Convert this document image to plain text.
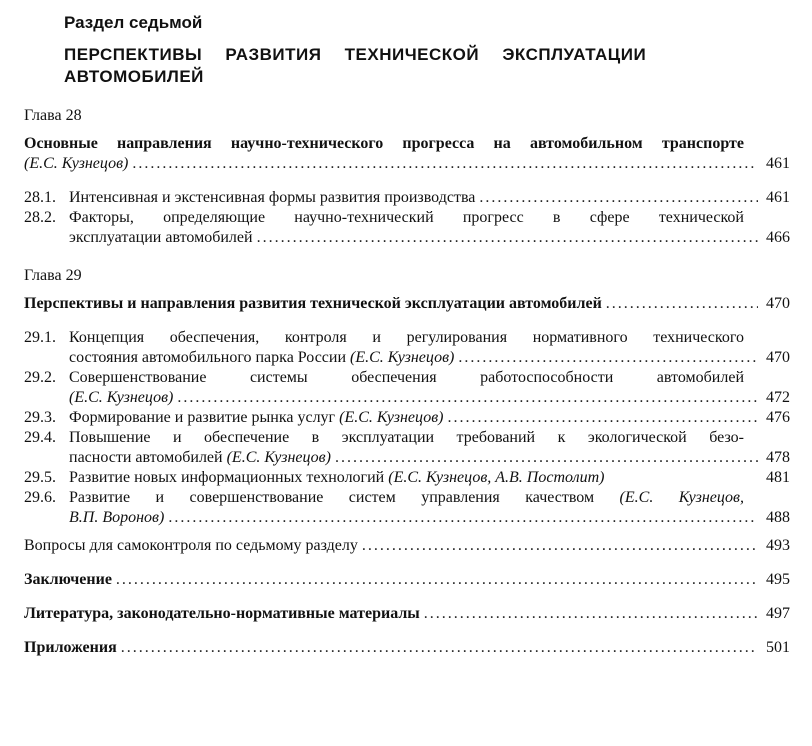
Раздел седьмой
ПЕРСПЕКТИВЫ РАЗВИТИЯ ТЕХНИЧЕСКОЙ ЭКСПЛУАТАЦИИ АВТОМОБИЛЕЙ
Глава 28
Основные направления научно-технического прогресса на автомобильном транспорте
(Е.С. Кузнецов) . . .	461
28.1. Интенсивная и экстенсивная формы развития производства . . .	461
28.2. Факторы, определяющие научно-технический прогресс в сфере технической
эксплуатации автомобилей . . .	466
Глава 29
Перспективы и направления развития технической эксплуатации автомобилей . . .	470
29.1. Концепция обеспечения, контроля и регулирования нормативного технического
состояния автомобильного парка России (Е.С. Кузнецов) . . .	470
29.2. Совершенствование системы обеспечения работоспособности автомобилей
(Е.С. Кузнецов) . . .	472
29.3. Формирование и развитие рынка услуг (Е.С. Кузнецов) . . .	476
29.4. Повышение и обеспечение в эксплуатации требований к экологической безо-
пасности автомобилей (Е.С. Кузнецов) . . .	478
29.5. Развитие новых информационных технологий (Е.С. Кузнецов, А.В. Постолит)	481
29.6. Развитие и совершенствование систем управления качеством (Е.С. Кузнецов,
В.П. Воронов) . . .	488
Вопросы для самоконтроля по седьмому разделу . . .	493
Заключение . . .	495
Литература, законодательно-нормативные материалы . . .	497
Приложения . . .	501
